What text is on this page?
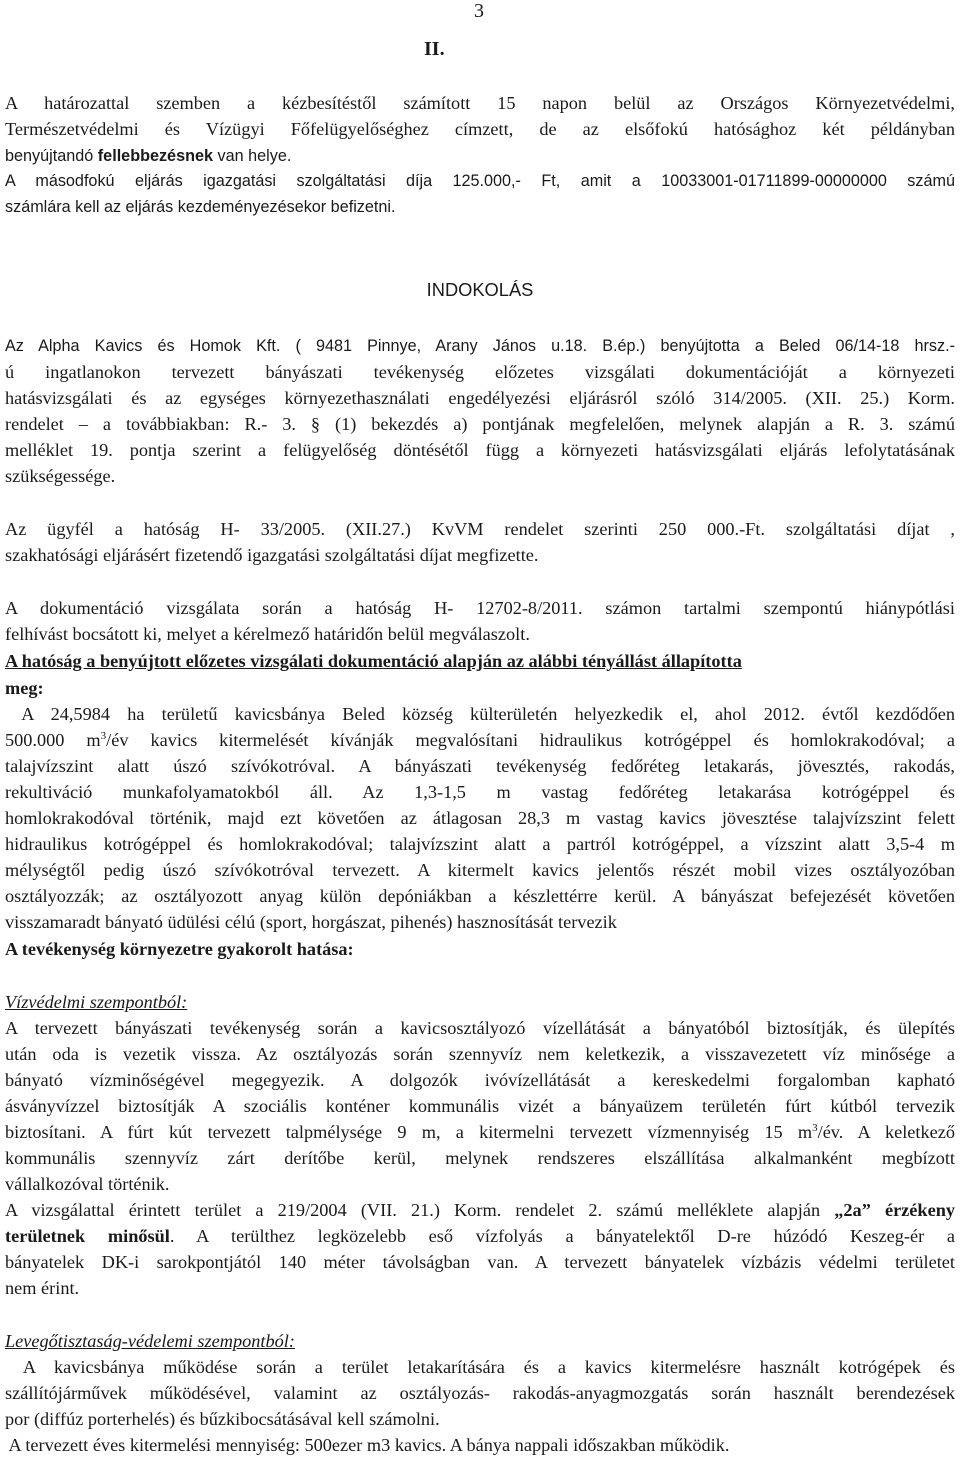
3
II.
A határozattal szemben a kézbesítéstől számított 15 napon belül az Országos Környezetvédelmi,
Természetvédelmi és Vízügyi Főfelügyelőséghez címzett, de az elsőfokú hatósághoz két példányban
benyújtandó fellebbezésnek van helye.
A másodfokú eljárás igazgatási szolgáltatási díja 125.000,- Ft, amit a 10033001-01711899-00000000 számú
számlára kell az eljárás kezdeményezésekor befizetni.
INDOKOLÁS
Az Alpha Kavics és Homok Kft. ( 9481 Pinnye, Arany János u.18. B.ép.) benyújtotta a Beled 06/14-18 hrsz.-
ú ingatlanokon tervezett bányászati tevékenység előzetes vizsgálati dokumentációját a környezeti
hatásvizsgálati és az egységes környezethasználati engedélyezési eljárásról szóló 314/2005. (XII. 25.) Korm.
rendelet – a továbbiakban: R.- 3. § (1) bekezdés a) pontjának megfelelően, melynek alapján a R. 3. számú
melléklet 19. pontja szerint a felügyelőség döntésétől függ a környezeti hatásvizsgálati eljárás lefolytatásának
szükségessége.
Az ügyfél a hatóság H- 33/2005. (XII.27.) KvVM rendelet szerinti 250 000.-Ft. szolgáltatási díjat ,
szakhatósági eljárásért fizetendő igazgatási szolgáltatási díjat megfizette.
A dokumentáció vizsgálata során a hatóság H- 12702-8/2011. számon tartalmi szempontú hiánypótlási
felhívást bocsátott ki, melyet a kérelmező határidőn belül megválaszolt.
A hatóság a benyújtott előzetes vizsgálati dokumentáció alapján az alábbi tényállást állapította
meg:
A 24,5984 ha területű kavicsbánya Beled község külterületén helyezkedik el, ahol 2012. évtől kezdődően
500.000 $m^3/év$ kavics kitermelését kívánják megvalósítani hidraulikus kotrógéppel és homlokrakodóval; a
talajvízszint alatt úszó szívókotróval. A bányászati tevékenység fedőréteg letakarás, jövesztés, rakodás,
rekultiváció munkafolyamatokból áll. Az 1,3-1,5 m vastag fedőréteg letakarása kotrógéppel és
homlokrakodóval történik, majd ezt követően az átlagosan 28,3 m vastag kavics jövesztése talajvízszint felett
hidraulikus kotrógéppel és homlokrakodóval; talajvízszint alatt a partról kotrógéppel, a vízszint alatt 3,5-4 m
mélységtől pedig úszó szívókotróval tervezett. A kitermelt kavics jelentős részét mobil vizes osztályozóban
osztályozzák; az osztályozott anyag külön depóniákban a készlettérre kerül. A bányászat befejezését követően
visszamaradt bányató üdülési célú (sport, horgászat, pihenés) hasznosítását tervezik
A tevékenység környezetre gyakorolt hatása:
Vízvédelmi szempontból:
A tervezett bányászati tevékenység során a kavicsosztályozó vízellátását a bányatóból biztosítják, és ülepítés
után oda is vezetik vissza. Az osztályozás során szennyvíz nem keletkezik, a visszavezetett víz minősége a
bányató vízminőségével megegyezik. A dolgozók ivóvízellátását a kereskedelmi forgalomban kapható
ásványvízzel biztosítják A szociális konténer kommunális vizét a bányaüzem területén fúrt kútból tervezik
biztosítani. A fúrt kút tervezett talpmélysége 9 m, a kitermelni tervezett vízmennyiség 15 $m^3/év$. A keletkező
kommunális szennyvíz zárt derítőbe kerül, melynek rendszeres elszállítása alkalmanként megbízott
vállalkozóval történik.
A vizsgálattal érintett terület a 219/2004 (VII. 21.) Korm. rendelet 2. számú melléklete alapján „2a” érzékeny
területnek minősül. A terülthez legközelebb eső vízfolyás a bányatelektől D-re húzódó Keszeg-ér a
bányatelek DK-i sarokpontjától 140 méter távolságban van. A tervezett bányatelek vízbázis védelmi területet
nem érint.
Levegőtisztaság-védelemi szempontból:
A kavicsbánya működése során a terület letakarítására és a kavics kitermelésre használt kotrógépek és
szállítójárművek működésével, valamint az osztályozás- rakodás-anyagmozgatás során használt berendezések
por (diffúz porterhelés) és bűzkibocsátásával kell számolni.
A tervezett éves kitermelési mennyiség: 500ezer m3 kavics. A bánya nappali időszakban működik.
